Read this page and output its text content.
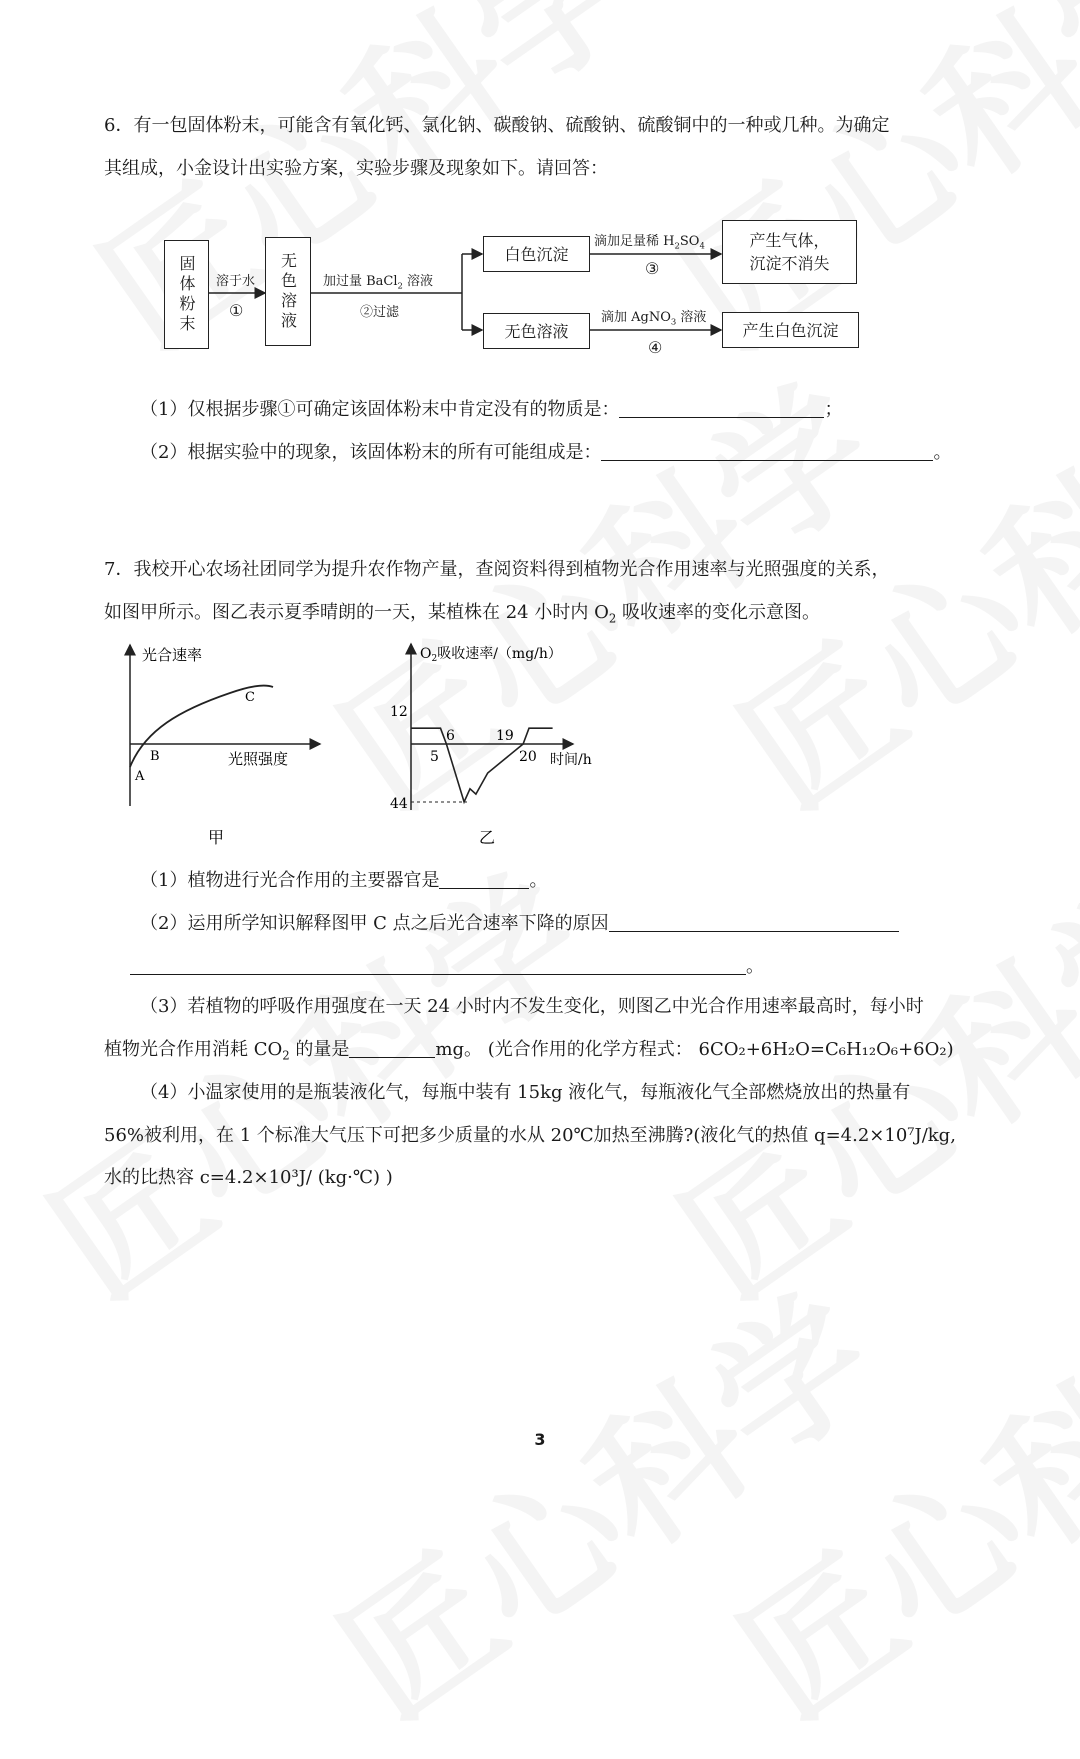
6．有一包固体粉末，可能含有氧化钙、氯化钠、碳酸钠、硫酸钠、硫酸铜中的一种或几种。为确定
其组成，小金设计出实验方案，实验步骤及现象如下。请回答：
固体粉末	溶于水
①	无色溶液	加过量 BaCl$_2$ 溶液
②过滤
白色沉淀
滴加足量稀 $H_2SO_4$
③
产生气体，
沉淀不消失
无色溶液
滴加 AgNO$_3$ 溶液
④
产生白色沉淀
（1）仅根据步骤①可确定该固体粉末中肯定没有的物质是：	；
（2）根据实验中的现象，该固体粉末的所有可能组成是：	。
7．我校开心农场社团同学为提升农作物产量，查阅资料得到植物光合作用速率与光照强度的关系，
如图甲所示。图乙表示夏季晴朗的一天，某植株在 24 小时内 $O_2$ 吸收速率的变化示意图。
光合速率
光照强度
A
B
C
甲
$O_2$吸收速率/（mg/h）
12
44
5
6	19
20 时间/h
乙
（1）植物进行光合作用的主要器官是	。
（2）运用所学知识解释图甲 C 点之后光合速率下降的原因
。
（3）若植物的呼吸作用强度在一天 24 小时内不发生变化，则图乙中光合作用速率最高时，每小时
植物光合作用消耗 $CO_2$ 的量是	mg。 (光合作用的化学方程式： 6CO₂+6H₂O=C₆H₁₂O₆+6O₂)
（4）小温家使用的是瓶装液化气，每瓶中装有 15kg 液化气，每瓶液化气全部燃烧放出的热量有
56%被利用，在 1 个标准大气压下可把多少质量的水从 20℃加热至沸腾?(液化气的热值 q=4.2×10⁷J/kg,
水的比热容 c=4.2×10³J/ (kg·℃) )
3
